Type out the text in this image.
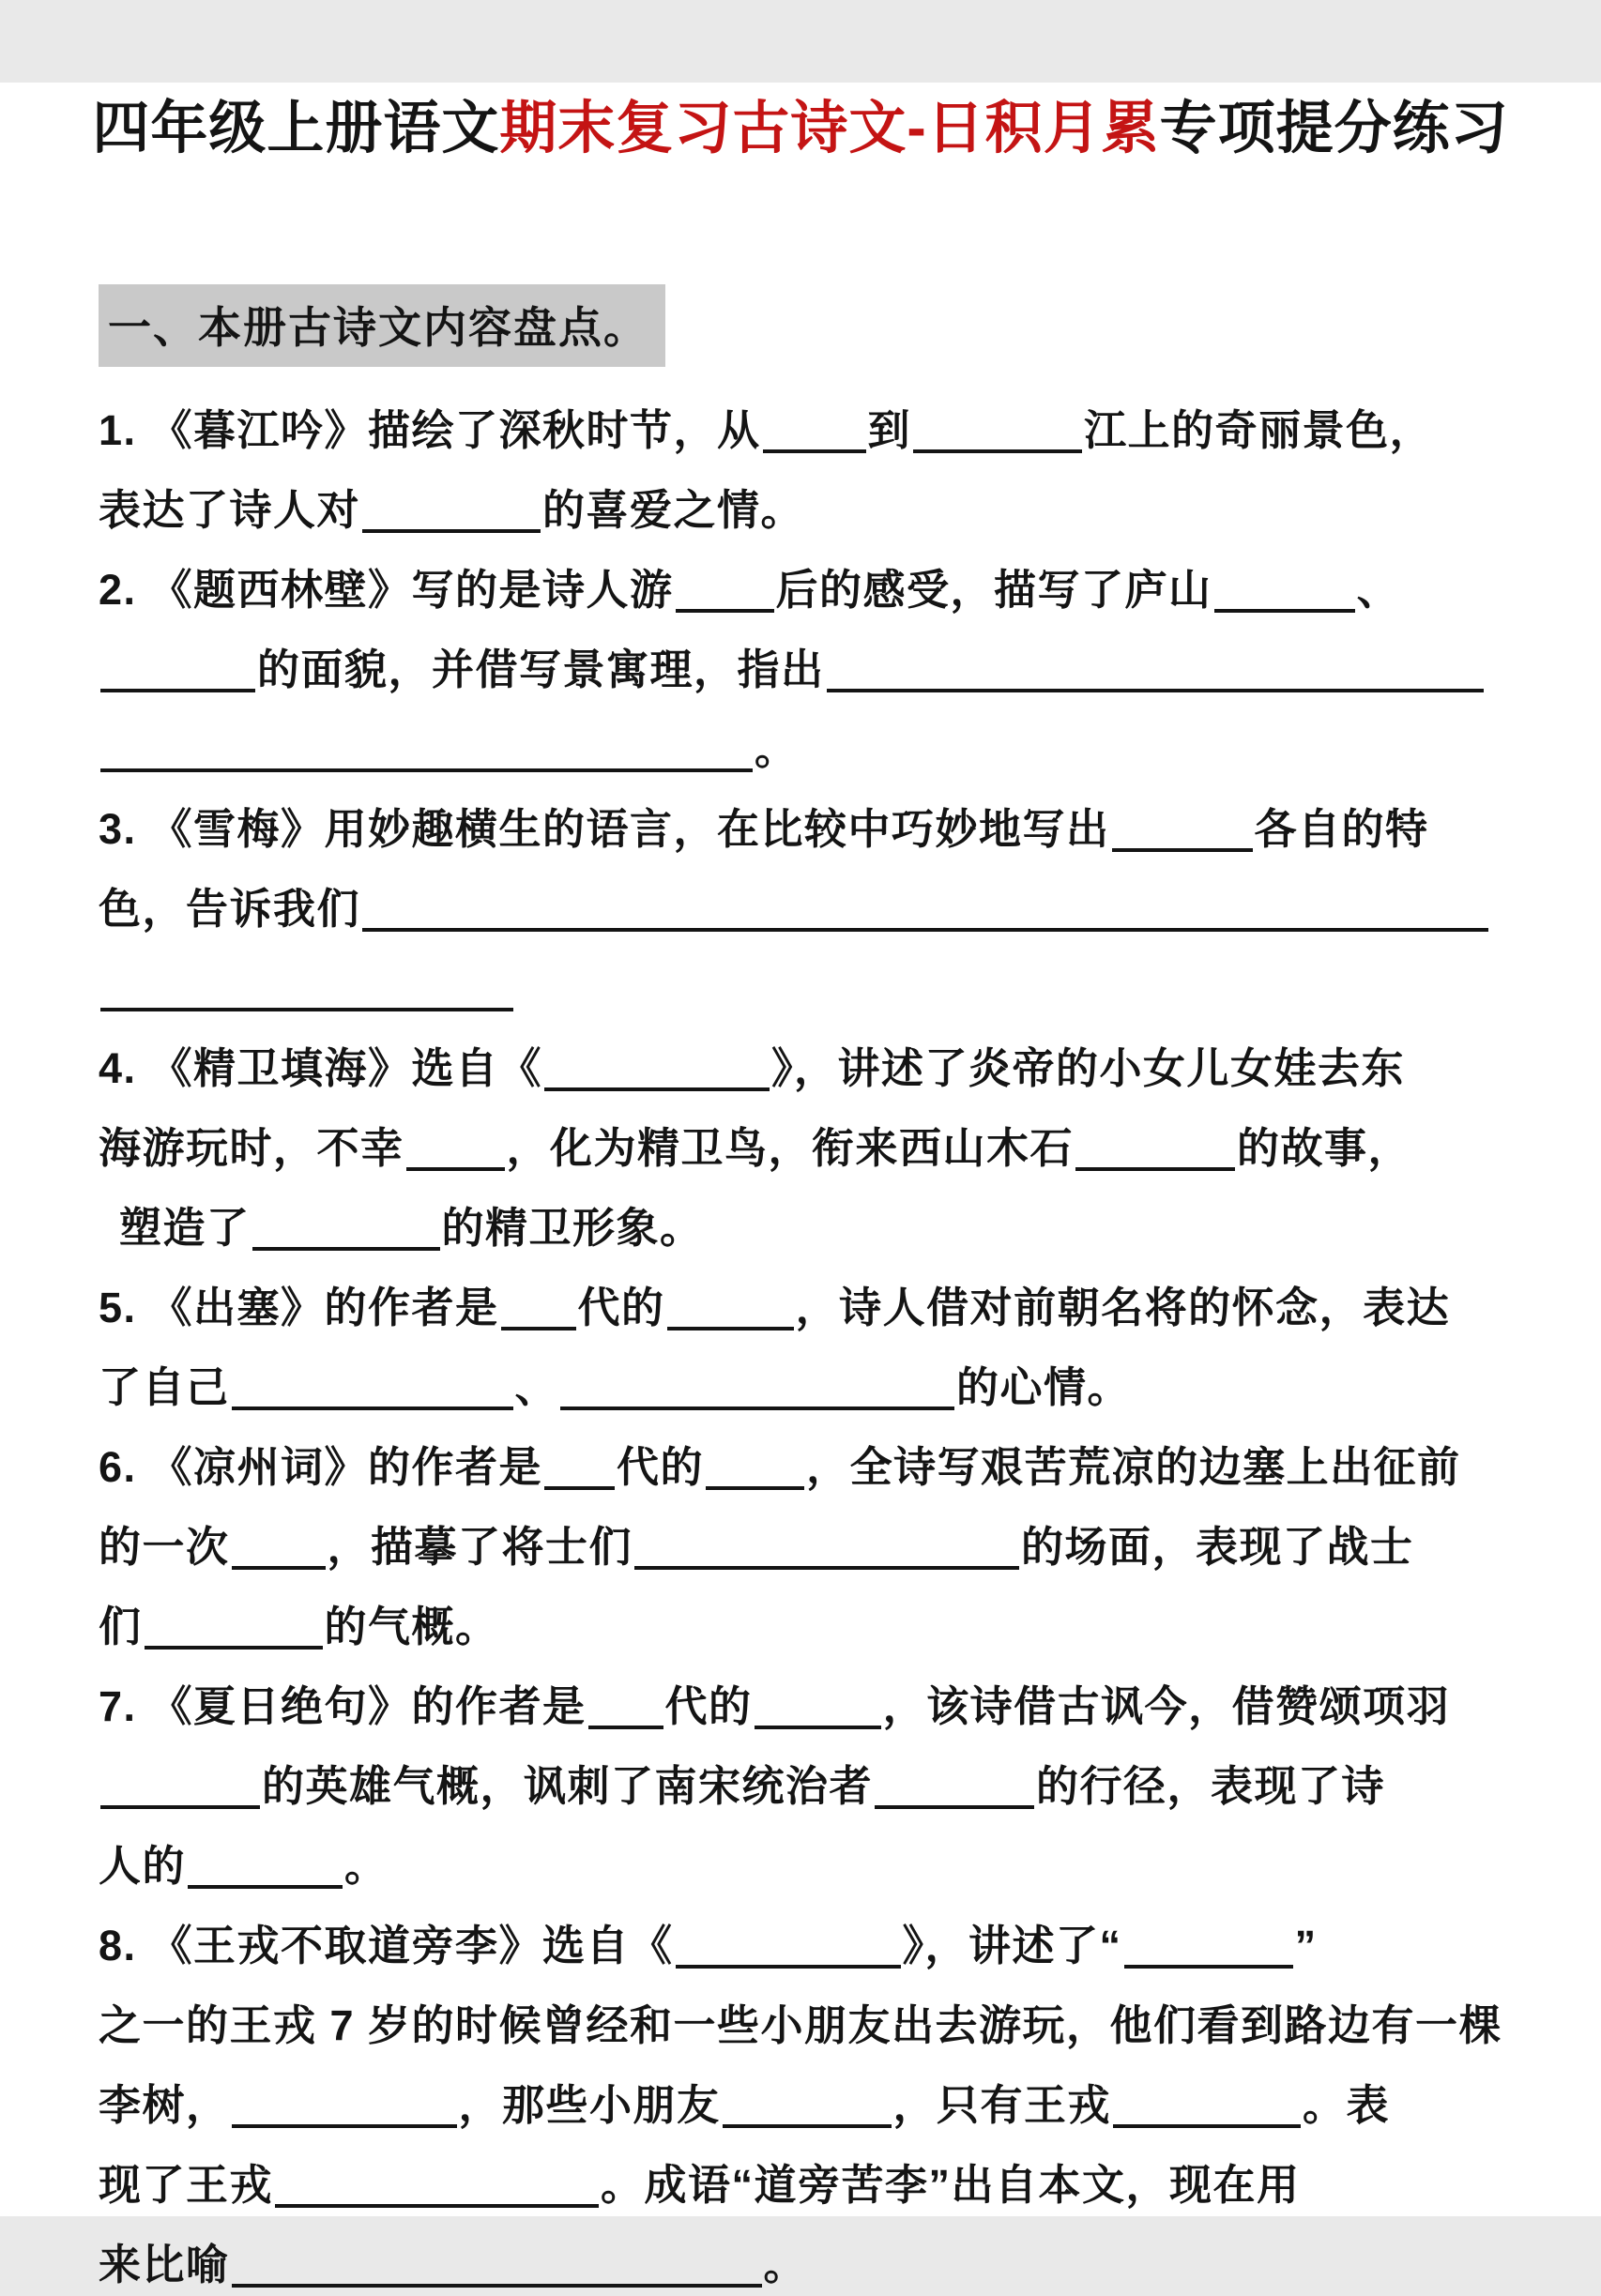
四年级上册语文期末复习古诗文-日积月累专项提分练习
一、本册古诗文内容盘点。
1. 《暮江吟》描绘了深秋时节，从	到	江上的奇丽景色，
表达了诗人对	的喜爱之情。
2. 《题西林壁》写的是诗人游 后的感受，描写了庐山	、
的面貌，并借写景寓理，指出
。
3. 《雪梅》用妙趣横生的语言，在比较中巧妙地写出	各自的特
色，告诉我们
4. 《精卫填海》选自《	》，讲述了炎帝的小女儿女娃去东
海游玩时，不幸 ，化为精卫鸟，衔来西山木石	的故事，
塑造了	的精卫形象。
5. 《出塞》的作者是 代的	，诗人借对前朝名将的怀念，表达
了自己	、	的心情。
6. 《凉州词》的作者是 代的 ，全诗写艰苦荒凉的边塞上出征前
的一次 ，描摹了将士们	的场面，表现了战士
们	的气概。
7. 《夏日绝句》的作者是 代的	，该诗借古讽今，借赞颂项羽
的英雄气概，讽刺了南宋统治者	的行径，表现了诗
人的	。
8. 《王戎不取道旁李》选自《	》，讲述了“	”
之一的王戎 7 岁的时候曾经和一些小朋友出去游玩，他们看到路边有一棵
李树，	，那些小朋友	，只有王戎	。表
现了王戎	。成语“道旁苦李”出自本文，现在用
来比喻	。
